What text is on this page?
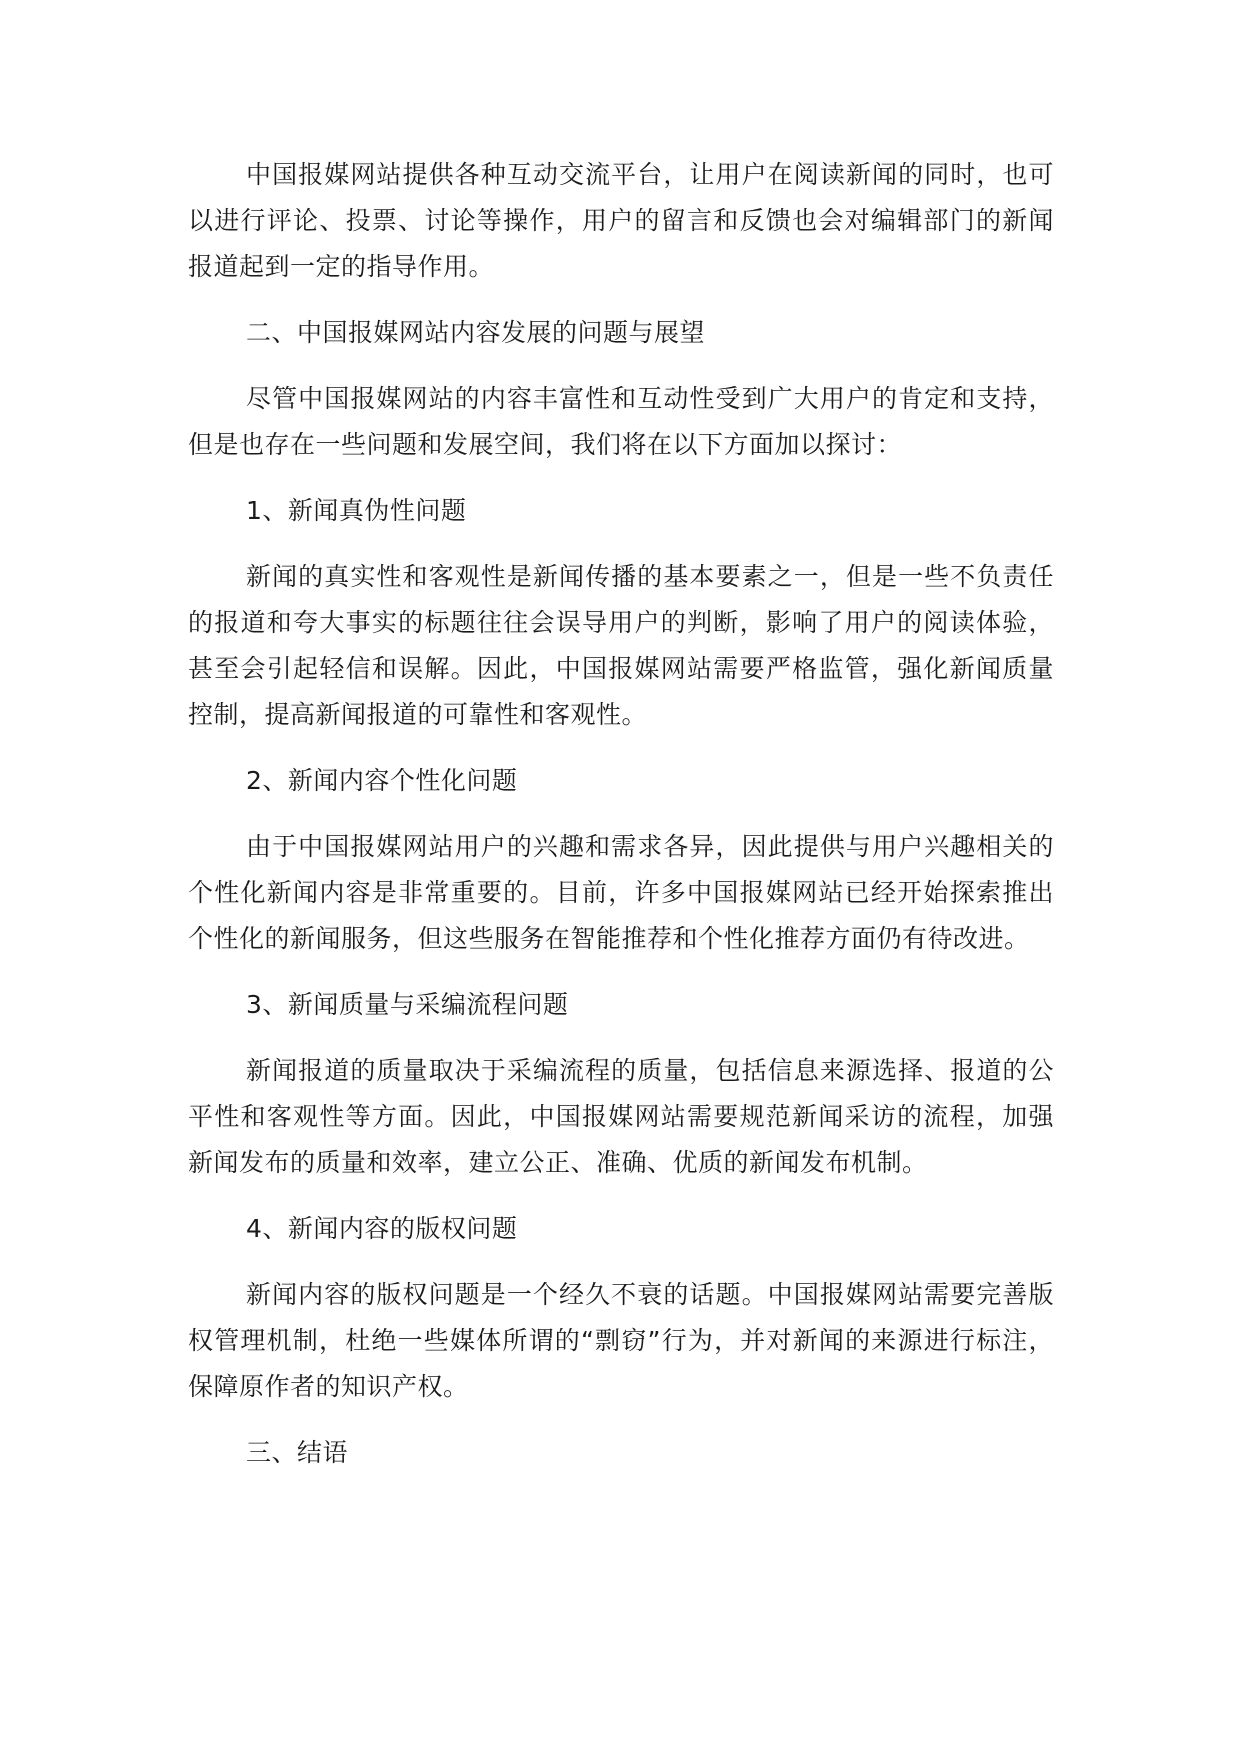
中国报媒网站提供各种互动交流平台，让用户在阅读新闻的同时，也可以进行评论、投票、讨论等操作，用户的留言和反馈也会对编辑部门的新闻报道起到一定的指导作用。

二、中国报媒网站内容发展的问题与展望

尽管中国报媒网站的内容丰富性和互动性受到广大用户的肯定和支持，但是也存在一些问题和发展空间，我们将在以下方面加以探讨：

1、新闻真伪性问题

新闻的真实性和客观性是新闻传播的基本要素之一，但是一些不负责任的报道和夸大事实的标题往往会误导用户的判断，影响了用户的阅读体验，甚至会引起轻信和误解。因此，中国报媒网站需要严格监管，强化新闻质量控制，提高新闻报道的可靠性和客观性。

2、新闻内容个性化问题

由于中国报媒网站用户的兴趣和需求各异，因此提供与用户兴趣相关的个性化新闻内容是非常重要的。目前，许多中国报媒网站已经开始探索推出个性化的新闻服务，但这些服务在智能推荐和个性化推荐方面仍有待改进。

3、新闻质量与采编流程问题

新闻报道的质量取决于采编流程的质量，包括信息来源选择、报道的公平性和客观性等方面。因此，中国报媒网站需要规范新闻采访的流程，加强新闻发布的质量和效率，建立公正、准确、优质的新闻发布机制。

4、新闻内容的版权问题

新闻内容的版权问题是一个经久不衰的话题。中国报媒网站需要完善版权管理机制，杜绝一些媒体所谓的“剽窃”行为，并对新闻的来源进行标注，保障原作者的知识产权。

三、结语
